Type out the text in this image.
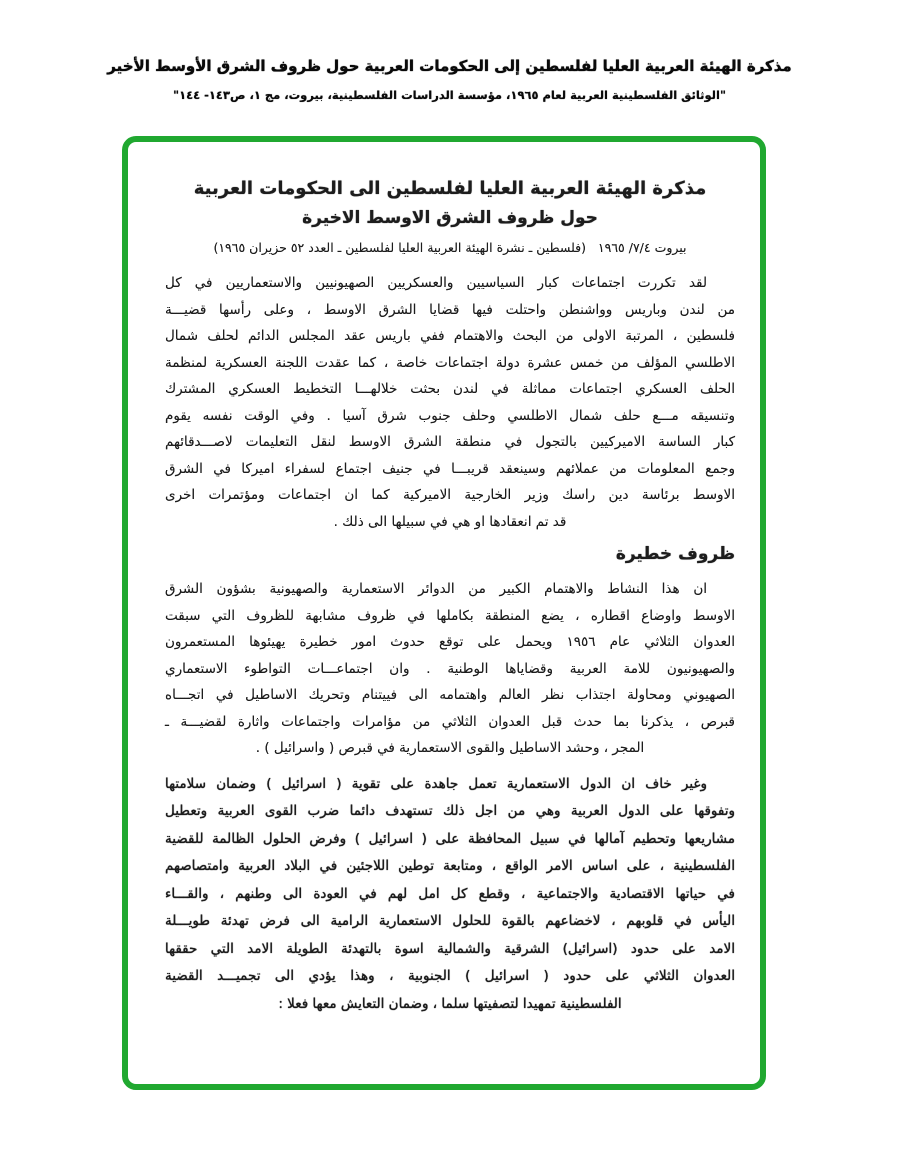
مذكرة الهيئة العربية العليا لفلسطين إلى الحكومات العربية حول ظروف الشرق الأوسط الأخير
"الوثائق الفلسطينية العربية لعام ١٩٦٥، مؤسسة الدراسات الفلسطينية، بيروت، مج ١، ص١٤٣- ١٤٤"
مذكرة الهيئة العربية العليا لفلسطين الى الحكومات العربية
حول ظروف الشرق الاوسط الاخيرة
بيروت ٧/٤/ ١٩٦٥   (فلسطين ـ نشرة الهيئة العربية العليا لفلسطين ـ العدد ٥٢ حزيران ١٩٦٥)
لقد تكررت اجتماعات كبار السياسيين والعسكريين الصهيونيين والاستعماريين في كل
من لندن وباريس وواشنطن واحتلت فيها قضايا الشرق الاوسط ، وعلى رأسها قضيـــة
فلسطين ، المرتبة الاولى من البحث والاهتمام ففي باريس عقد المجلس الدائم لحلف شمال
الاطلسي المؤلف من خمس عشرة دولة اجتماعات خاصة ، كما عقدت اللجنة العسكرية لمنظمة
الحلف العسكري اجتماعات مماثلة في لندن بحثت خلالهـــا التخطيط العسكري المشترك
وتنسيقه مـــع حلف شمال الاطلسي وحلف جنوب شرق آسيا . وفي الوقت نفسه يقوم
كبار الساسة الاميركيين بالتجول في منطقة الشرق الاوسط لنقل التعليمات لاصـــدقائهم
وجمع المعلومات من عملائهم وسينعقد قريبـــا في جنيف اجتماع لسفراء اميركا في الشرق
الاوسط برئاسة دين راسك وزير الخارجية الاميركية كما ان اجتماعات ومؤتمرات اخرى
قد تم انعقادها او هي في سبيلها الى ذلك .
ظروف خطيرة
ان هذا النشاط والاهتمام الكبير من الدوائر الاستعمارية والصهيونية بشؤون الشرق
الاوسط واوضاع اقطاره ، يضع المنطقة بكاملها في ظروف مشابهة للظروف التي سبقت
العدوان الثلاثي عام ١٩٥٦ ويحمل على توقع حدوث امور خطيرة يهيئوها المستعمرون
والصهيونيون للامة العربية وقضاياها الوطنية . وان اجتماعـــات التواطوء الاستعماري
الصهيوني ومحاولة اجتذاب نظر العالم واهتمامه الى فييتنام وتحريك الاساطيل في اتجـــاه
قبرص ، يذكرنا بما حدث قبل العدوان الثلاثي من مؤامرات واجتماعات واثارة لقضيـــة ـ
المجر ، وحشد الاساطيل والقوى الاستعمارية في قبرص ( واسرائيل ) .
وغير خاف ان الدول الاستعمارية تعمل جاهدة على تقوية ( اسرائيل ) وضمان سلامتها
وتفوقها على الدول العربية وهي من اجل ذلك تستهدف دائما ضرب القوى العربية وتعطيل
مشاريعها وتحطيم آمالها في سبيل المحافظة على ( اسرائيل ) وفرض الحلول الظالمة للقضية
الفلسطينية ، على اساس الامر الواقع ، ومتابعة توطين اللاجئين في البلاد العربية وامتصاصهم
في حياتها الاقتصادية والاجتماعية ، وقطع كل امل لهم في العودة الى وطنهم ، والقـــاء
اليأس في قلوبهم ، لاخضاعهم بالقوة للحلول الاستعمارية الرامية الى فرض تهدئة طويـــلة
الامد على حدود (اسرائيل) الشرقية والشمالية اسوة بالتهدئة الطويلة الامد التي حققها
العدوان الثلاثي على حدود ( اسرائيل ) الجنوبية ، وهذا يؤدي الى تجميـــد القضية
الفلسطينية تمهيدا لتصفيتها سلما ، وضمان التعايش معها فعلا :
